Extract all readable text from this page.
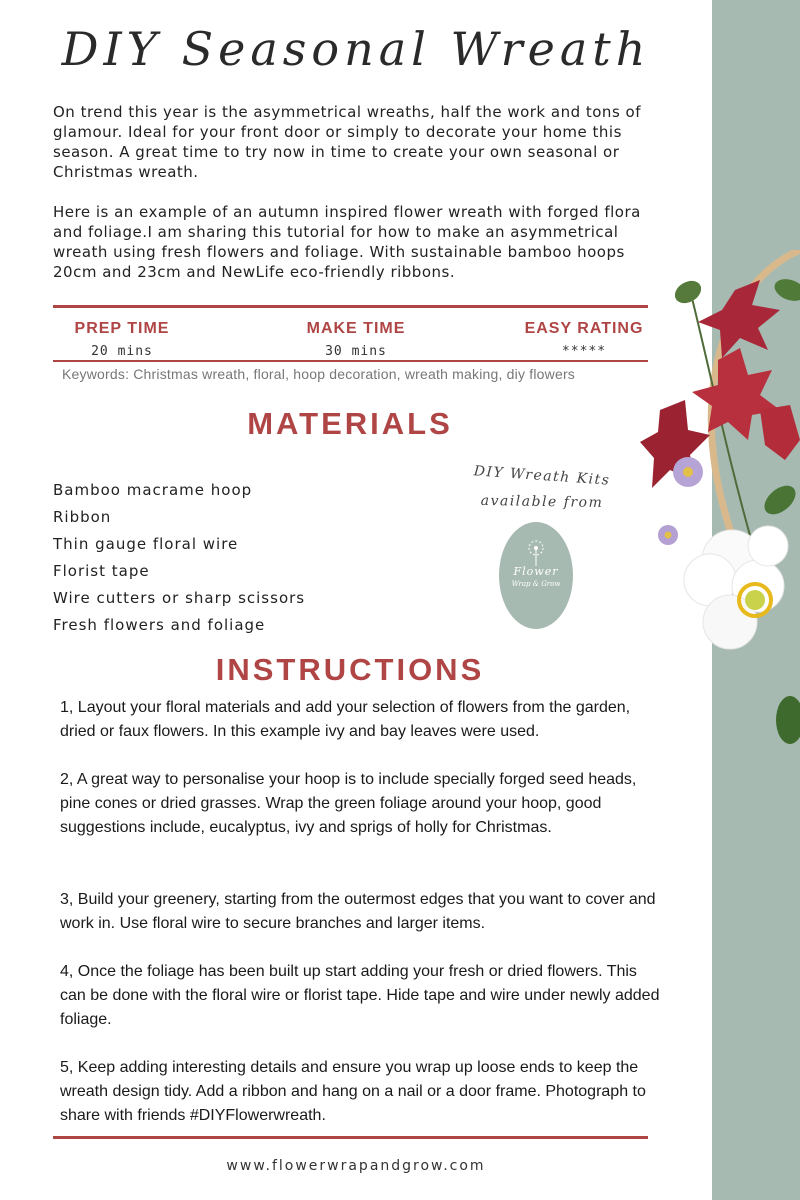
DIY Seasonal Wreath

On trend this year is the asymmetrical wreaths, half the work and tons of glamour. Ideal for your front door or simply to decorate your home this season. A great time to try now in time to create your own seasonal or Christmas wreath.

Here is an example of an autumn inspired flower wreath with forged flora and foliage.I am sharing this tutorial for how to make an asymmetrical wreath using fresh flowers and foliage. With sustainable bamboo hoops 20cm and 23cm and NewLife eco-friendly ribbons.

PREP TIME
20 mins
MAKE TIME
30 mins
EASY RATING
*****

Keywords: Christmas wreath, floral, hoop decoration, wreath making, diy flowers

MATERIALS
Bamboo macrame hoop
Ribbon
Thin gauge floral wire
Florist tape
Wire cutters or sharp scissors
Fresh flowers and foliage

DIY Wreath Kits
available from

Flower
Wrap & Grow
INSTRUCTIONS

1, Layout your floral materials and add your selection of flowers from the garden, dried or faux flowers. In this example ivy and bay leaves were used.

2, A great way to personalise your hoop is to include specially forged seed heads, pine cones or dried grasses. Wrap the green foliage around your hoop, good suggestions include, eucalyptus, ivy and sprigs of holly for Christmas.

3, Build your greenery, starting from the outermost edges that you want to cover and work in. Use floral wire to secure branches and larger items.

4, Once the foliage has been built up start adding your fresh or dried flowers. This can be done with the floral wire or florist tape. Hide tape and wire under newly added foliage.

5, Keep adding interesting details and ensure you wrap up loose ends to keep the wreath design tidy. Add a ribbon and hang on a nail or a door frame. Photograph to share with friends #DIYFlowerwreath.

www.flowerwrapandgrow.com
